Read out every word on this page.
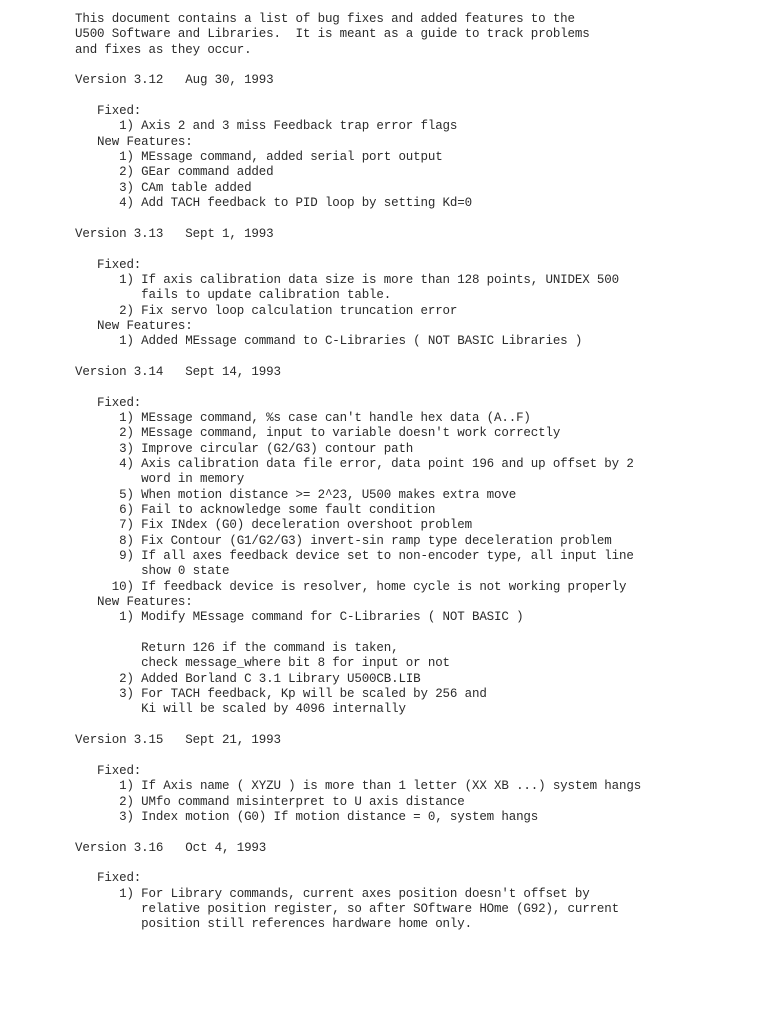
This document contains a list of bug fixes and added features to the
U500 Software and Libraries.  It is meant as a guide to track problems
and fixes as they occur.
Version 3.12   Aug 30, 1993
Fixed:
1) Axis 2 and 3 miss Feedback trap error flags
New Features:
1) MEssage command, added serial port output
2) GEar command added
3) CAm table added
4) Add TACH feedback to PID loop by setting Kd=0
Version 3.13   Sept 1, 1993
Fixed:
1) If axis calibration data size is more than 128 points, UNIDEX 500
fails to update calibration table.
2) Fix servo loop calculation truncation error
New Features:
1) Added MEssage command to C-Libraries ( NOT BASIC Libraries )
Version 3.14   Sept 14, 1993
Fixed:
1) MEssage command, %s case can't handle hex data (A..F)
2) MEssage command, input to variable doesn't work correctly
3) Improve circular (G2/G3) contour path
4) Axis calibration data file error, data point 196 and up offset by 2
word in memory
5) When motion distance >= 2^23, U500 makes extra move
6) Fail to acknowledge some fault condition
7) Fix INdex (G0) deceleration overshoot problem
8) Fix Contour (G1/G2/G3) invert-sin ramp type deceleration problem
9) If all axes feedback device set to non-encoder type, all input line
show 0 state
10) If feedback device is resolver, home cycle is not working properly
New Features:
1) Modify MEssage command for C-Libraries ( NOT BASIC )
Return 126 if the command is taken,
check message_where bit 8 for input or not
2) Added Borland C 3.1 Library U500CB.LIB
3) For TACH feedback, Kp will be scaled by 256 and
Ki will be scaled by 4096 internally
Version 3.15   Sept 21, 1993
Fixed:
1) If Axis name ( XYZU ) is more than 1 letter (XX XB ...) system hangs
2) UMfo command misinterpret to U axis distance
3) Index motion (G0) If motion distance = 0, system hangs
Version 3.16   Oct 4, 1993
Fixed:
1) For Library commands, current axes position doesn't offset by
relative position register, so after SOftware HOme (G92), current
position still references hardware home only.
